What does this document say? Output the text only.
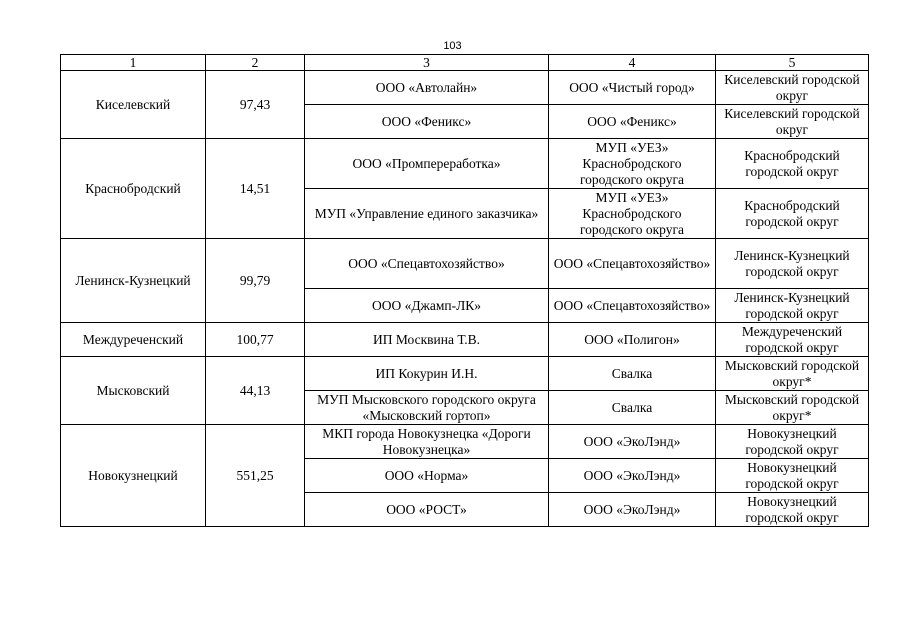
103
1	2	3	4	5
Киселевский	97,43	ООО «Автолайн»	ООО «Чистый город»	Киселевский городской округ
		ООО «Феникс»	ООО «Феникс»	Киселевский городской округ
Краснобродский	14,51	ООО «Промпереработка»	МУП «УЕЗ» Краснобродского городского округа	Краснобродский городской округ
		МУП «Управление единого заказчика»	МУП «УЕЗ» Краснобродского городского округа	Краснобродский городской округ
Ленинск-Кузнецкий	99,79	ООО «Спецавтохозяйство»	ООО «Спецавтохозяйство»	Ленинск-Кузнецкий городской округ
		ООО «Джамп-ЛК»	ООО «Спецавтохозяйство»	Ленинск-Кузнецкий городской округ
Междуреченский	100,77	ИП Москвина Т.В.	ООО «Полигон»	Междуреченский городской округ
Мысковский	44,13	ИП Кокурин И.Н.	Свалка	Мысковский городской округ*
		МУП Мысковского городского округа «Мысковский гортоп»	Свалка	Мысковский городской округ*
Новокузнецкий	551,25	МКП города Новокузнецка «Дороги Новокузнецка»	ООО «ЭкоЛэнд»	Новокузнецкий городской округ
		ООО «Норма»	ООО «ЭкоЛэнд»	Новокузнецкий городской округ
		ООО «РОСТ»	ООО «ЭкоЛэнд»	Новокузнецкий городской округ
